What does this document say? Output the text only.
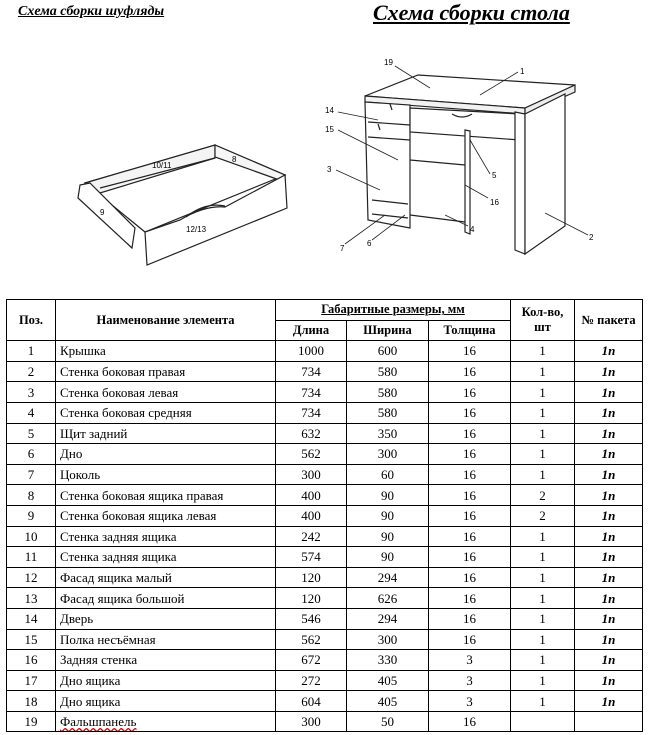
Схема сборки шуфляды	Схема сборки стола
10/11
8
9
12/13
19
1
14
15
3
5
16
4
2
7
6
Поз.	Наименование элемента	Габаритные размеры, мм			Кол-во, шт	№ пакета
		Длина	Ширина	Толщина		
1	Крышка	1000	600	16	1	1п
2	Стенка боковая правая	734	580	16	1	1п
3	Стенка боковая левая	734	580	16	1	1п
4	Стенка боковая средняя	734	580	16	1	1п
5	Щит задний	632	350	16	1	1п
6	Дно	562	300	16	1	1п
7	Цоколь	300	60	16	1	1п
8	Стенка боковая ящика правая	400	90	16	2	1п
9	Стенка боковая ящика левая	400	90	16	2	1п
10	Стенка задняя ящика	242	90	16	1	1п
11	Стенка задняя ящика	574	90	16	1	1п
12	Фасад ящика малый	120	294	16	1	1п
13	Фасад ящика большой	120	626	16	1	1п
14	Дверь	546	294	16	1	1п
15	Полка несъёмная	562	300	16	1	1п
16	Задняя стенка	672	330	3	1	1п
17	Дно ящика	272	405	3	1	1п
18	Дно ящика	604	405	3	1	1п
19	Фальшпанель	300	50	16		
